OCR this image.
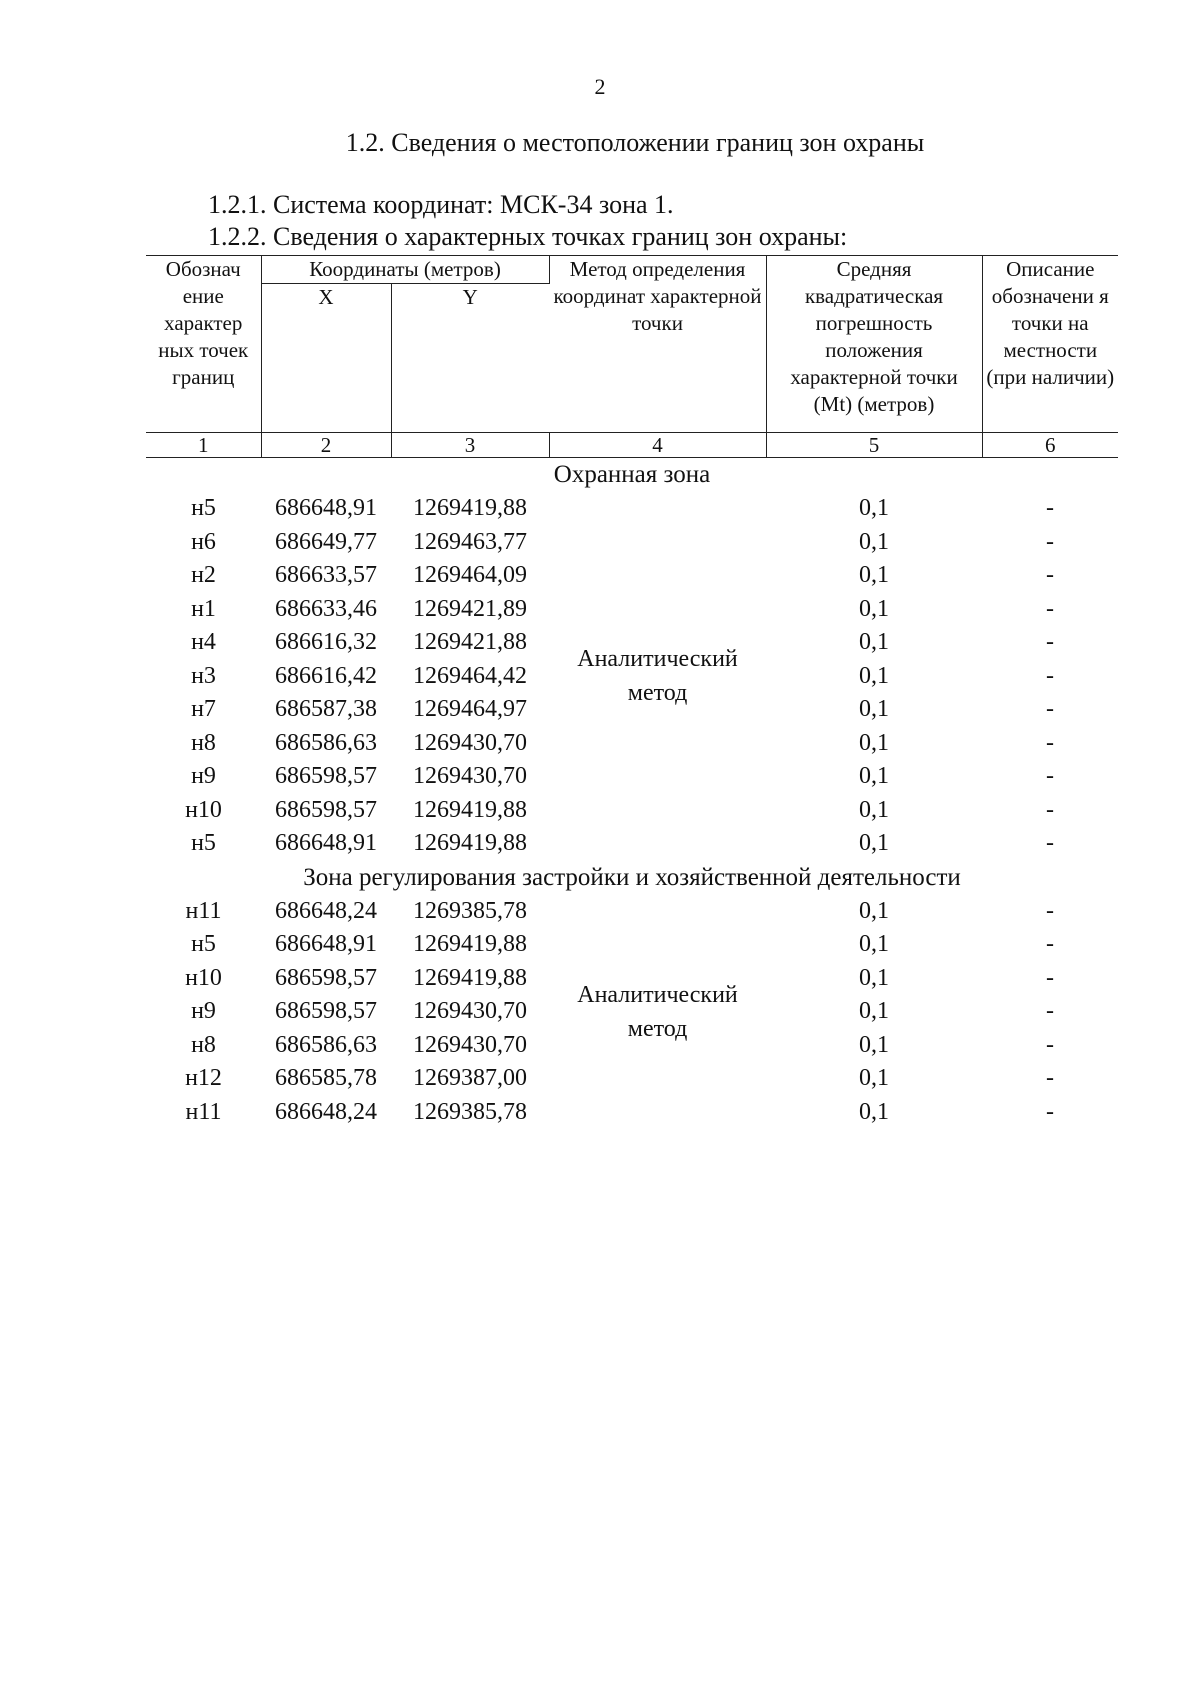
2
1.2. Сведения о местоположении границ зон охраны
1.2.1. Система координат: МСК-34 зона 1.
1.2.2. Сведения о характерных точках границ зон охраны:
Обознач ение характер ных точек границ	Координаты (метров)		Метод определения координат характерной точки	Средняя квадратическая погрешность положения характерной точки (Mt) (метров)	Описание обозначени я точки на местности (при наличии)
	X	Y			
1	2	3	4	5	6
Охранная зона					
н5	686648,91	1269419,88	Аналитический метод	0,1	-
н6	686649,77	1269463,77		0,1	-
н2	686633,57	1269464,09		0,1	-
н1	686633,46	1269421,89		0,1	-
н4	686616,32	1269421,88		0,1	-
н3	686616,42	1269464,42		0,1	-
н7	686587,38	1269464,97		0,1	-
н8	686586,63	1269430,70		0,1	-
н9	686598,57	1269430,70		0,1	-
н10	686598,57	1269419,88		0,1	-
н5	686648,91	1269419,88		0,1	-
Зона регулирования застройки и хозяйственной деятельности					
н11	686648,24	1269385,78	Аналитический метод	0,1	-
н5	686648,91	1269419,88		0,1	-
н10	686598,57	1269419,88		0,1	-
н9	686598,57	1269430,70		0,1	-
н8	686586,63	1269430,70		0,1	-
н12	686585,78	1269387,00		0,1	-
н11	686648,24	1269385,78		0,1	-
